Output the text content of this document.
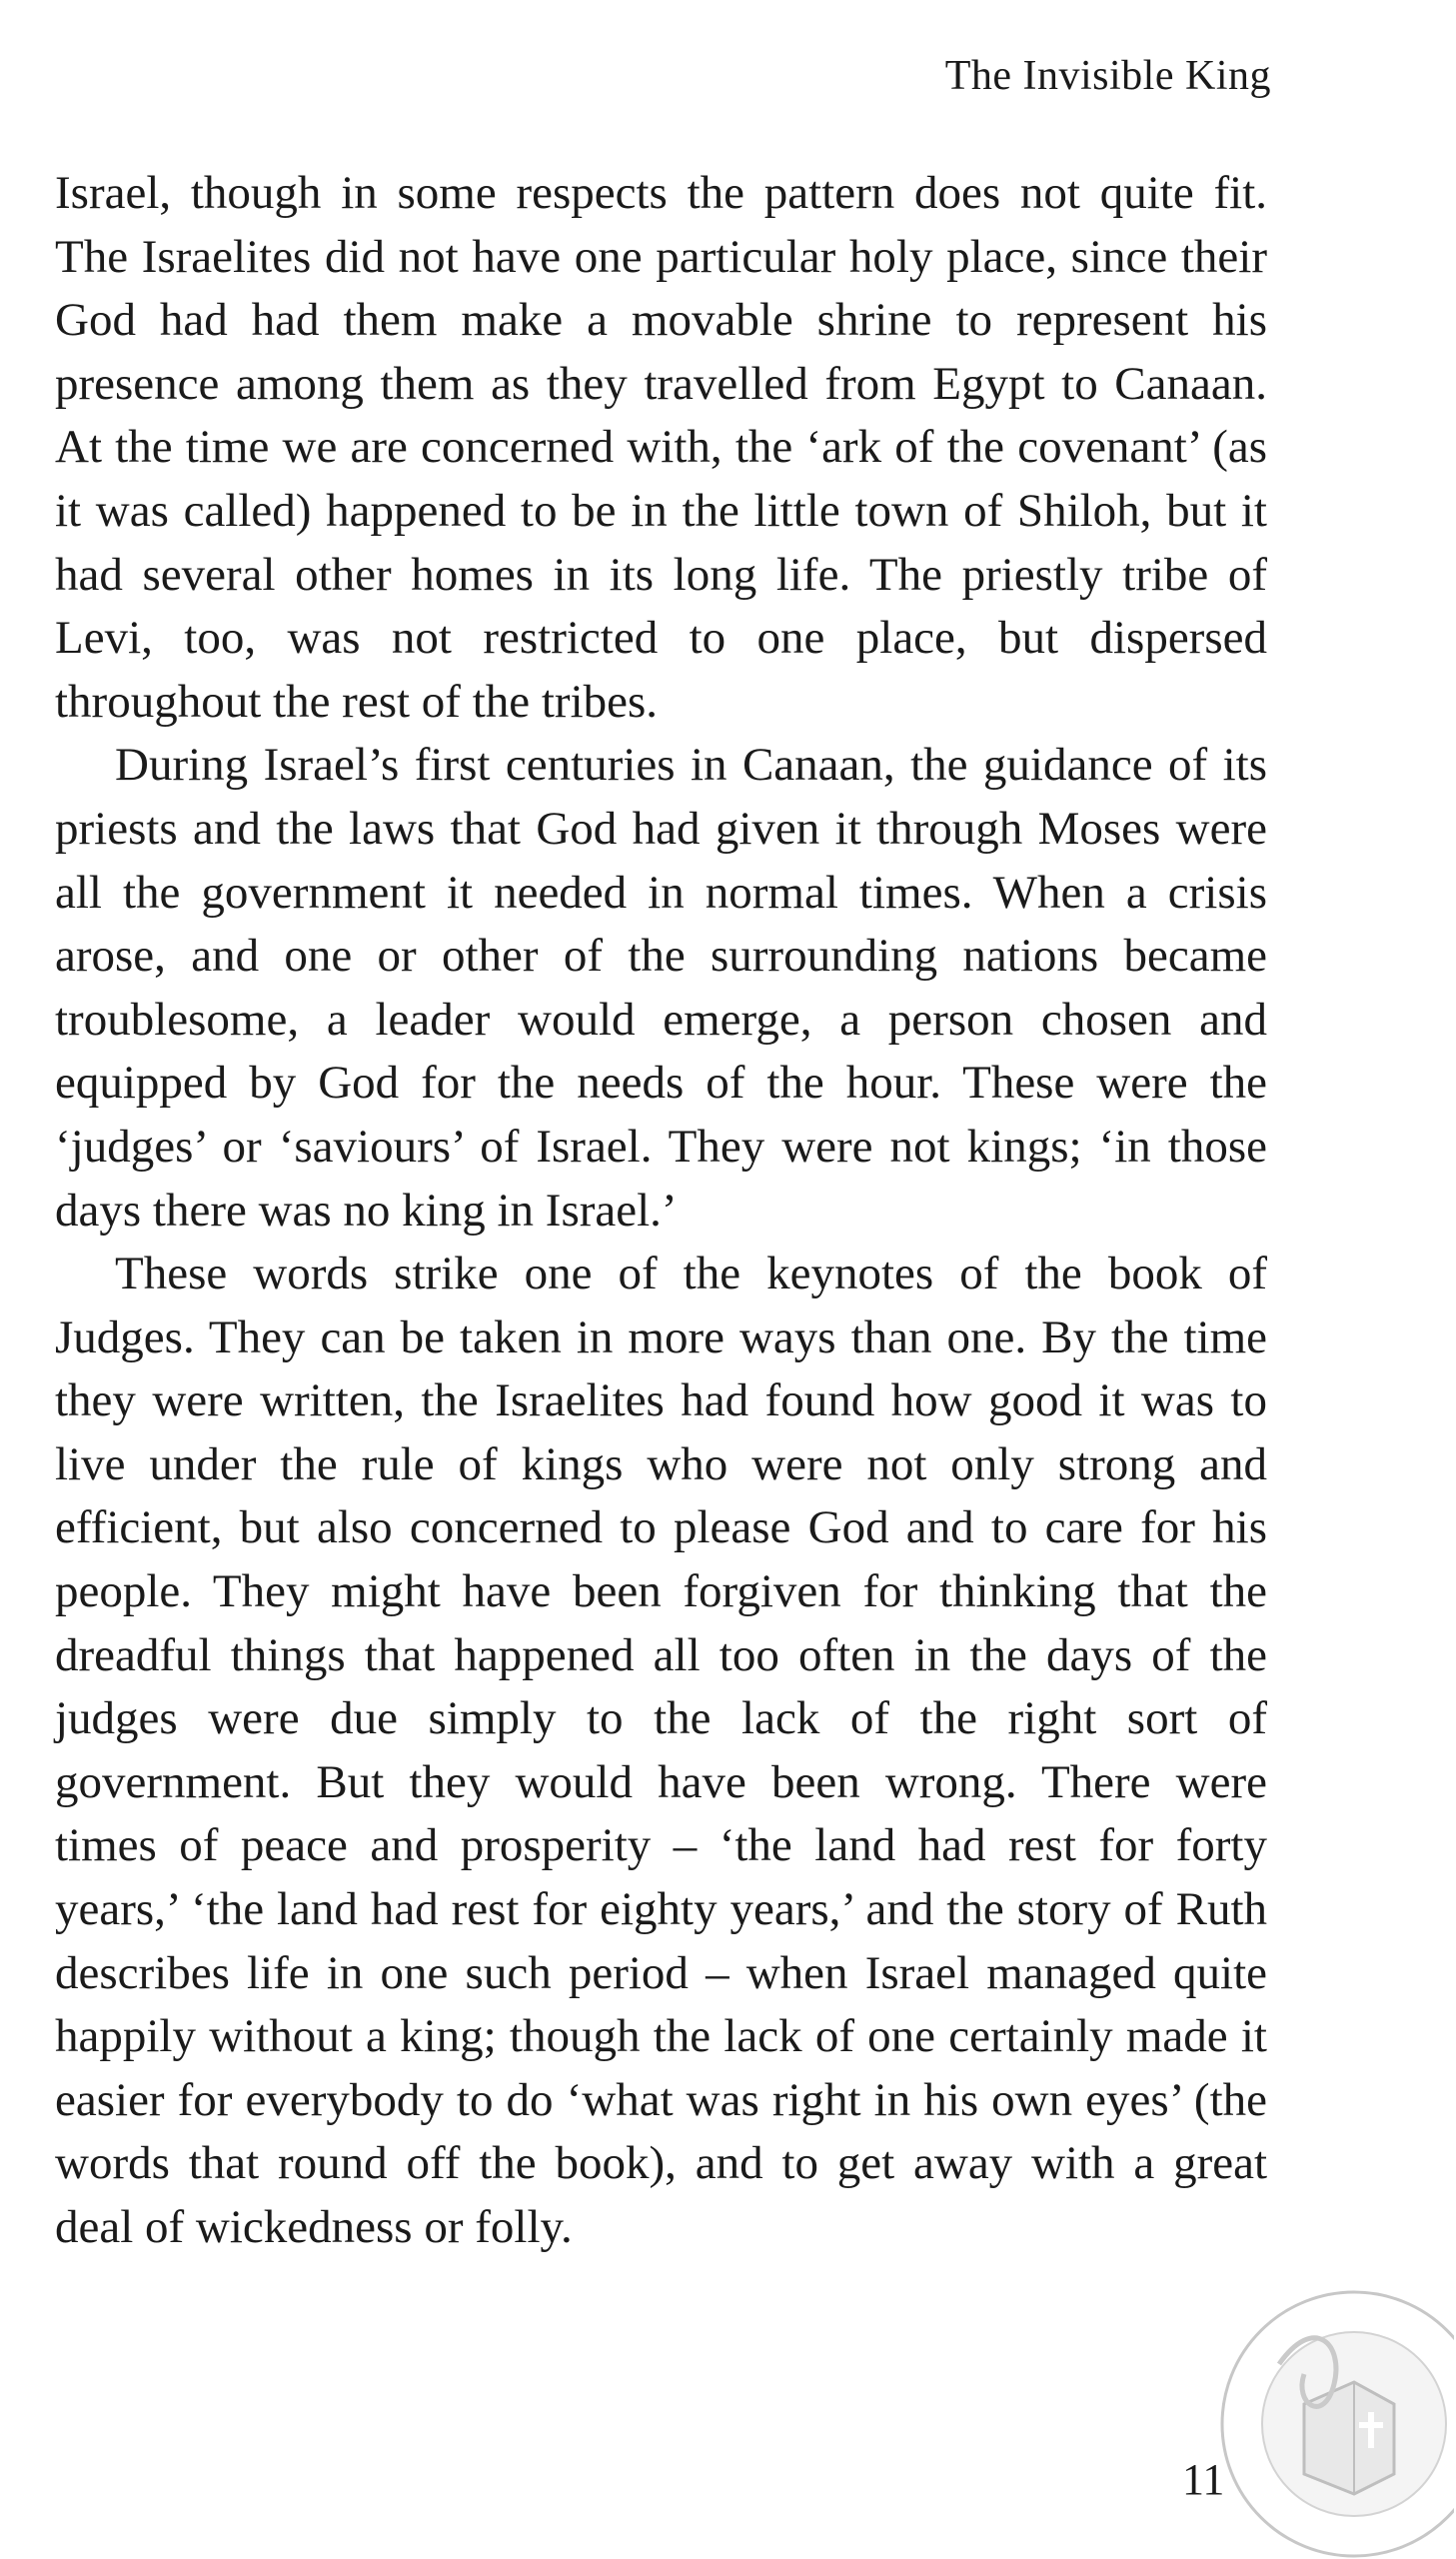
The Invisible King

Israel, though in some respects the pattern does not quite fit. The Israelites did not have one particular holy place, since their God had had them make a movable shrine to represent his presence among them as they travelled from Egypt to Canaan. At the time we are concerned with, the ‘ark of the covenant’ (as it was called) happened to be in the little town of Shiloh, but it had several other homes in its long life. The priestly tribe of Levi, too, was not restricted to one place, but dispersed throughout the rest of the tribes.

During Israel’s first centuries in Canaan, the guidance of its priests and the laws that God had given it through Moses were all the government it needed in normal times. When a crisis arose, and one or other of the surrounding nations became troublesome, a leader would emerge, a person chosen and equipped by God for the needs of the hour. These were the ‘judges’ or ‘saviours’ of Israel. They were not kings; ‘in those days there was no king in Israel.’

These words strike one of the keynotes of the book of Judges. They can be taken in more ways than one. By the time they were written, the Israelites had found how good it was to live under the rule of kings who were not only strong and efficient, but also concerned to please God and to care for his people. They might have been forgiven for thinking that the dreadful things that happened all too often in the days of the judges were due simply to the lack of the right sort of government. But they would have been wrong. There were times of peace and prosperity – ‘the land had rest for forty years,’ ‘the land had rest for eighty years,’ and the story of Ruth describes life in one such period – when Israel managed quite happily without a king; though the lack of one certainly made it easier for everybody to do ‘what was right in his own eyes’ (the words that round off the book), and to get away with a great deal of wickedness or folly.

11
